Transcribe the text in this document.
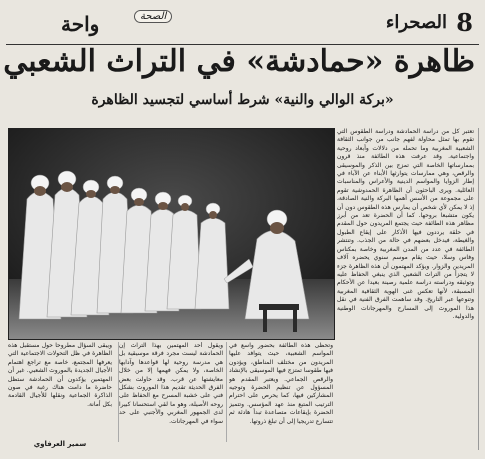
8
الصحراء
واحة	الصحة
ظاهرة «حمادشة» في التراث الشعبي
«بركة الوالي والنية» شرط أساسي لتجسيد الظاهرة

تعتبر كل من دراسة الحمادشة ودراسة الطقوس التي تقوم بها تمثل محاولة لفهم جانب من جوانب الثقافة الشعبية المغربية وما تحمله من دلالات وأبعاد روحية واجتماعية. وقد عرفت هذه الطائفة منذ قرون بممارساتها الخاصة التي تمزج بين الذكر والموسيقى والرقص، وهي ممارسات يتوارثها الأبناء عن الآباء في إطار الزوايا والمواسم الدينية والأعراس والمناسبات العائلية. ويرى الباحثون أن الظاهرة الحمدوشية تقوم على مجموعة من الأسس أهمها البركة والنية الصادقة، إذ لا يمكن لأي شخص أن يمارس هذه الطقوس دون أن يكون متشبعا بروحها. كما أن الحضرة تعد من أبرز مظاهر هذه الطائفة حيث يجتمع المريدون حول المقدم في حلقة يرددون فيها الأذكار على إيقاع الطبول والغيطة، فيدخل بعضهم في حالة من الجذب. وتنتشر الطائفة في عدد من المدن المغربية وخاصة بمكناس وفاس وسلا، حيث يقام موسم سنوي يحضره آلاف المريدين والزوار. ويؤكد المهتمون أن هذه الظاهرة جزء لا يتجزأ من التراث الشعبي الذي ينبغي الحفاظ عليه وتوثيقه ودراسته دراسة علمية رصينة بعيدا عن الأحكام المسبقة، لأنها تعكس غنى الهوية الثقافية المغربية وتنوعها عبر التاريخ. وقد ساهمت الفرق الفنية في نقل هذا الموروث إلى المسارح والمهرجانات الوطنية والدولية.

وتحظى هذه الطائفة بحضور واسع في المواسم الشعبية، حيث يتوافد عليها المريدون من مختلف المناطق، ويؤدون فيها طقوسا تمتزج فيها الموسيقى بالإنشاد والرقص الجماعي. ويعتبر المقدم هو المسؤول عن تنظيم الحضرة وتوجيه المشاركين فيها، كما يحرص على احترام الترتيب المتبع منذ عهد المؤسس. وتتميز الحضرة بإيقاعات متصاعدة تبدأ هادئة ثم تتسارع تدريجيا إلى أن تبلغ ذروتها.

ويقول أحد المهتمين بهذا التراث إن الحمادشة ليست مجرد فرقة موسيقية بل هي مدرسة روحية لها قواعدها وآدابها الخاصة، ولا يمكن فهمها إلا من خلال معايشتها عن قرب. وقد حاولت بعض الفرق الحديثة تقديم هذا الموروث بشكل فني على خشبة المسرح مع الحفاظ على روحه الأصيلة، وهو ما لقي استحسانا كبيرا لدى الجمهور المغربي والأجنبي على حد سواء في المهرجانات.

ويبقى السؤال مطروحا حول مستقبل هذه الظاهرة في ظل التحولات الاجتماعية التي يعرفها المجتمع، خاصة مع تراجع اهتمام الأجيال الجديدة بالموروث الشعبي. غير أن المهتمين يؤكدون أن الحمادشة ستظل حاضرة ما دامت هناك رغبة في صون الذاكرة الجماعية ونقلها للأجيال القادمة بكل أمانة.

سمير العرفاوي
